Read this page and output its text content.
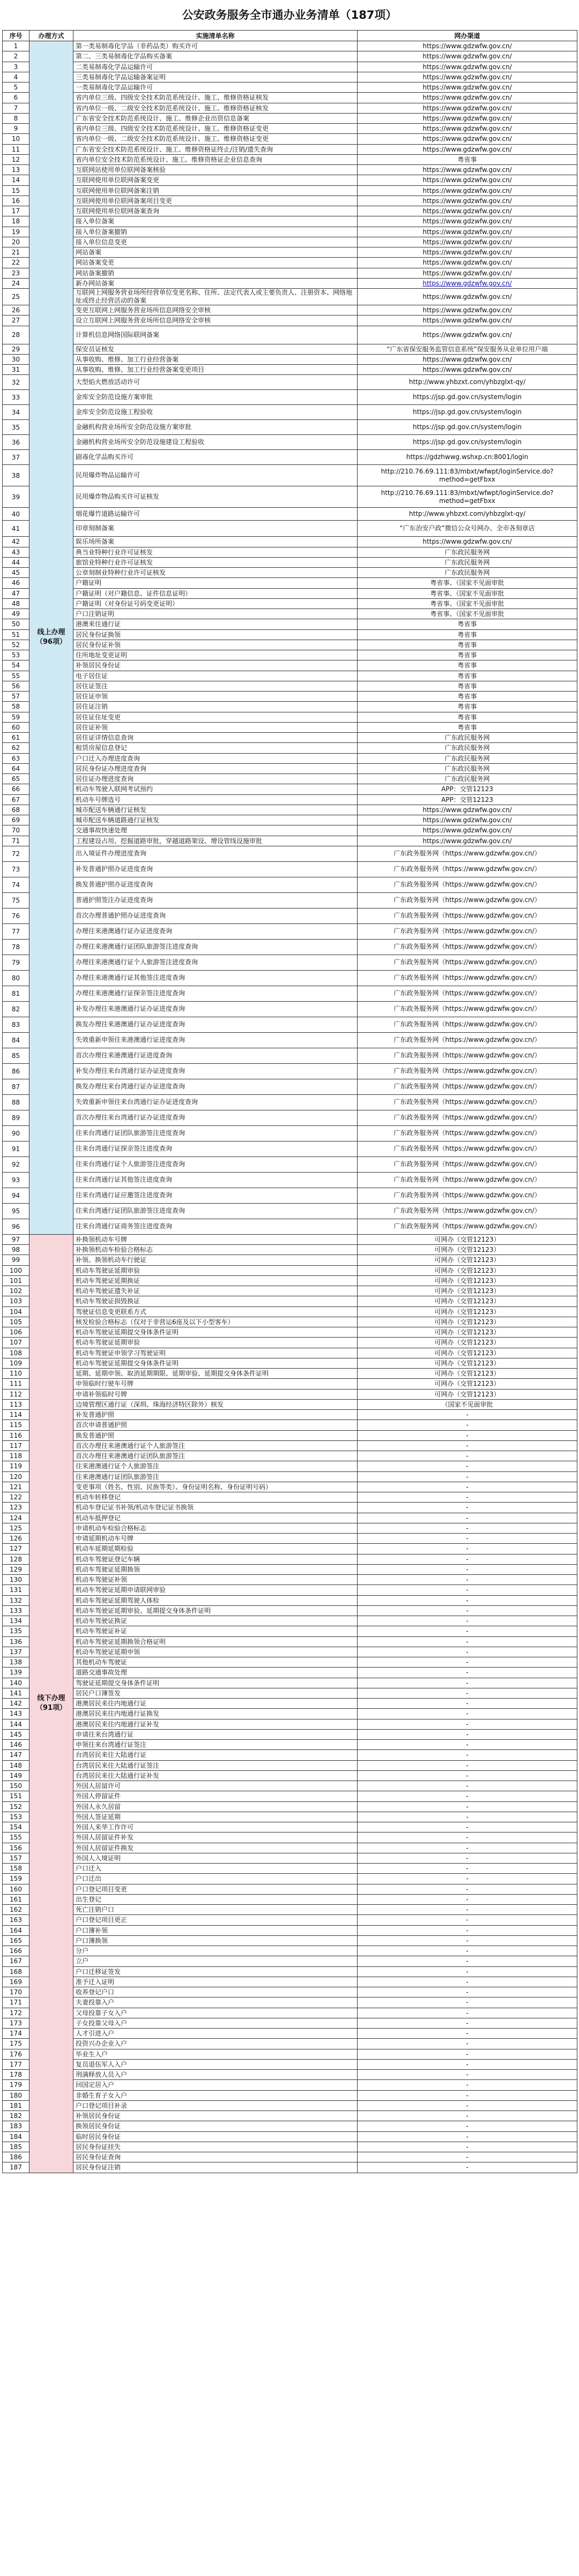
公安政务服务全市通办业务清单（187项）
序号	办理方式	实施清单名称	网办渠道
1	线上办理（96项）	第一类易制毒化学品（非药品类）购买许可	https://www.gdzwfw.gov.cn/
2		第二、三类易制毒化学品购买备案	https://www.gdzwfw.gov.cn/
3		二类易制毒化学品运输许可	https://www.gdzwfw.gov.cn/
4		三类易制毒化学品运输备案证明	https://www.gdzwfw.gov.cn/
5		一类易制毒化学品运输许可	https://www.gdzwfw.gov.cn/
6		省内单位三级、四级安全技术防范系统设计、施工、维修资格证核发	https://www.gdzwfw.gov.cn/
7		省内单位一级、二级安全技术防范系统设计、施工、维修资格证核发	https://www.gdzwfw.gov.cn/
8		广东省安全技术防范系统设计、施工、维修企业出资信息备案	https://www.gdzwfw.gov.cn/
9		省内单位三级、四级安全技术防范系统设计、施工、维修资格证变更	https://www.gdzwfw.gov.cn/
10		省内单位一级、二级安全技术防范系统设计、施工、维修资格证变更	https://www.gdzwfw.gov.cn/
11		广东省安全技术防范系统设计、施工、维修资格证终止/注销/遗失查询	https://www.gdzwfw.gov.cn/
12		省内单位安全技术防范系统设计、施工、维修资格证企业信息查询	粤省事
13		互联网站使用单位联网备案核验	https://www.gdzwfw.gov.cn/
14		互联网使用单位联网备案变更	https://www.gdzwfw.gov.cn/
15		互联网使用单位联网备案注销	https://www.gdzwfw.gov.cn/
16		互联网使用单位联网备案项目变更	https://www.gdzwfw.gov.cn/
17		互联网使用单位联网备案查询	https://www.gdzwfw.gov.cn/
18		接入单位备案	https://www.gdzwfw.gov.cn/
19		接入单位备案撤销	https://www.gdzwfw.gov.cn/
20		接入单位信息变更	https://www.gdzwfw.gov.cn/
21		网站备案	https://www.gdzwfw.gov.cn/
22		网站备案变更	https://www.gdzwfw.gov.cn/
23		网站备案撤销	https://www.gdzwfw.gov.cn/
24		新办网站备案	https://www.gdzwfw.gov.cn/
25		互联网上网服务营业场所经营单位变更名称、住所、法定代表人或主要负责人、注册资本、网络地址或终止经营活动的备案	https://www.gdzwfw.gov.cn/
26		变更互联网上网服务营业场所信息网络安全审核	https://www.gdzwfw.gov.cn/
27		设立互联网上网服务营业场所信息网络安全审核	https://www.gdzwfw.gov.cn/
28		计算机信息网络国际联网备案	https://www.gdzwfw.gov.cn/
29		保安员证核发	“广东省保安服务监管信息系统”保安服务从业单位用户端
30		从事收购、维修、加工行业经营备案	https://www.gdzwfw.gov.cn/
31		从事收购、维修、加工行业经营备案变更项目	https://www.gdzwfw.gov.cn/
32		大型焰火燃放活动许可	http://www.yhbzxt.com/yhbzglxt-qy/
33		金库安全防范设施方案审批	https://jsp.gd.gov.cn/system/login
34		金库安全防范设施工程验收	https://jsp.gd.gov.cn/system/login
35		金融机构营业场所安全防范设施方案审批	https://jsp.gd.gov.cn/system/login
36		金融机构营业场所安全防范设施建设工程验收	https://jsp.gd.gov.cn/system/login
37		剧毒化学品购买许可	https://gdzhwwg.wshxp.cn:8001/login
38		民用爆炸物品运输许可	http://210.76.69.111:83/mbxt/wfwpt/loginService.do?method=getFbxx
39		民用爆炸物品购买许可证核发	http://210.76.69.111:83/mbxt/wfwpt/loginService.do?method=getFbxx
40		烟花爆竹道路运输许可	http://www.yhbzxt.com/yhbzglxt-qy/
41		印章刻制备案	“广东治安户政”微信公众号网办、全市各刻章店
42		娱乐场所备案	https://www.gdzwfw.gov.cn/
43		典当业特种行业许可证核发	广东政民服务网
44		旅馆业特种行业许可证核发	广东政民服务网
45		公章刻制业特种行业许可证核发	广东政民服务网
46		户籍证明	粤省事、（国家不见面审批
47		户籍证明（对户籍信息、证件信息证明）	粤省事、（国家不见面审批
48		户籍证明（对身份证号码变更证明）	粤省事、（国家不见面审批
49		户口注销证明	粤省事、（国家不见面审批
50		港澳来往通行证	粤省事
51		居民身份证换领	粤省事
52		居民身份证补领	粤省事
53		住所地址变更证明	粤省事
54		补领居民身份证	粤省事
55		电子居住证	粤省事
56		居住证签注	粤省事
57		居住证申领	粤省事
58		居住证注销	粤省事
59		居住证住址变更	粤省事
60		居住证补领	粤省事
61		居住证详情信息查询	广东政民服务网
62		租赁房屋信息登记	广东政民服务网
63		户口迁入办理进度查询	广东政民服务网
64		居民身份证办理进度查询	广东政民服务网
65		居住证办理进度查询	广东政民服务网
66		机动车驾驶人联网考试预约	APP：交管12123
67		机动车号牌选号	APP：交管12123
68		城市配送车辆通行证核发	https://www.gdzwfw.gov.cn/
69		城市配送车辆道路通行证核发	https://www.gdzwfw.gov.cn/
70		交通事故快速处理	https://www.gdzwfw.gov.cn/
71		工程建设占用、挖掘道路审批，穿越道路架设、增设管线设施审批	https://www.gdzwfw.gov.cn/
72		出入境证件办理进度查询	广东政务服务网（https://www.gdzwfw.gov.cn/）
73		补发普通护照办证进度查询	广东政务服务网（https://www.gdzwfw.gov.cn/）
74		换发普通护照办证进度查询	广东政务服务网（https://www.gdzwfw.gov.cn/）
75		普通护照签注办证进度查询	广东政务服务网（https://www.gdzwfw.gov.cn/）
76		首次办理普通护照办证进度查询	广东政务服务网（https://www.gdzwfw.gov.cn/）
77		办理往来港澳通行证办证进度查询	广东政务服务网（https://www.gdzwfw.gov.cn/）
78		办理往来港澳通行证团队旅游签注进度查询	广东政务服务网（https://www.gdzwfw.gov.cn/）
79		办理往来港澳通行证个人旅游签注进度查询	广东政务服务网（https://www.gdzwfw.gov.cn/）
80		办理往来港澳通行证其他签注进度查询	广东政务服务网（https://www.gdzwfw.gov.cn/）
81		办理往来港澳通行证探亲签注进度查询	广东政务服务网（https://www.gdzwfw.gov.cn/）
82		补发办理往来港澳通行证办证进度查询	广东政务服务网（https://www.gdzwfw.gov.cn/）
83		换发办理往来港澳通行证办证进度查询	广东政务服务网（https://www.gdzwfw.gov.cn/）
84		失效重新申领往来港澳通行证进度查询	广东政务服务网（https://www.gdzwfw.gov.cn/）
85		首次办理往来港澳通行证进度查询	广东政务服务网（https://www.gdzwfw.gov.cn/）
86		补发办理往来台湾通行证办证进度查询	广东政务服务网（https://www.gdzwfw.gov.cn/）
87		换发办理往来台湾通行证办证进度查询	广东政务服务网（https://www.gdzwfw.gov.cn/）
88		失效重新申领往来台湾通行证办证进度查询	广东政务服务网（https://www.gdzwfw.gov.cn/）
89		首次办理往来台湾通行证办证进度查询	广东政务服务网（https://www.gdzwfw.gov.cn/）
90		往来台湾通行证团队旅游签注进度查询	广东政务服务网（https://www.gdzwfw.gov.cn/）
91		往来台湾通行证探亲签注进度查询	广东政务服务网（https://www.gdzwfw.gov.cn/）
92		往来台湾通行证个人旅游签注进度查询	广东政务服务网（https://www.gdzwfw.gov.cn/）
93		往来台湾通行证其他签注进度查询	广东政务服务网（https://www.gdzwfw.gov.cn/）
94		往来台湾通行证应邀签注进度查询	广东政务服务网（https://www.gdzwfw.gov.cn/）
95		往来台湾通行证团队旅游签注进度查询	广东政务服务网（https://www.gdzwfw.gov.cn/）
96		往来台湾通行证商务签注进度查询	广东政务服务网（https://www.gdzwfw.gov.cn/）
97	线下办理（91项）	补换领机动车号牌	可网办（交管12123）
98		补换领机动车检验合格标志	可网办（交管12123）
99		补领、换领机动车行驶证	可网办（交管12123）
100		机动车驾驶证延期审验	可网办（交管12123）
101		机动车驾驶证延期换证	可网办（交管12123）
102		机动车驾驶证遗失补证	可网办（交管12123）
103		机动车驾驶证损毁换证	可网办（交管12123）
104		驾驶证信息变更联系方式	可网办（交管12123）
105		核发检验合格标志（仅对于非营运6座及以下小型客车）	可网办（交管12123）
106		机动车驾驶证延期提交身体条件证明	可网办（交管12123）
107		机动车驾驶证延期审验	可网办（交管12123）
108		机动车驾驶证申领学习驾驶证明	可网办（交管12123）
109		机动车驾驶证延期提交身体条件证明	可网办（交管12123）
110		延期、延期申领、取消延期期限、延期审验、延期提交身体条件证明	可网办（交管12123）
111		申领临时行驶车号牌	可网办（交管12123）
112		申请补领临时号牌	可网办（交管12123）
113		边境管理区通行证（深圳、珠海经济特区除外）核发	（国家不见面审批
114		补发普通护照	-
115		首次申请普通护照	-
116		换发普通护照	-
117		首次办理往来港澳通行证个人旅游签注	-
118		首次办理往来港澳通行证团队旅游签注	-
119		往来港澳通行证个人旅游签注	-
120		往来港澳通行证团队旅游签注	-
121		变更事项（姓名、性别、民族等类）、身份证明名称、身份证明号码）	-
122		机动车转移登记	-
123		机动车登记证书补领/机动车登记证书换领	-
124		机动车抵押登记	-
125		申请机动车检验合格标志	-
126		申请延期机动车号牌	-
127		机动车延期延期检验	-
128		机动车驾驶证登记车辆	-
129		机动车驾驶证延期换领	-
130		机动车驾驶证补领	-
131		机动车驾驶证延期申请联网审验	-
132		机动车驾驶证延期驾驶人体检	-
133		机动车驾驶证延期审验、延期提交身体条件证明	-
134		机动车驾驶证换证	-
135		机动车驾驶证补证	-
136		机动车驾驶证延期换领合格证明	-
137		机动车驾驶证延期申领	-
138		其他机动车驾驶证	-
139		道路交通事故处理	-
140		驾驶证延期提交身体条件证明	-
141		居民户口簿签发	-
142		港澳居民来往内地通行证	-
143		港澳居民来往内地通行证换发	-
144		港澳居民来往内地通行证补发	-
145		申请往来台湾通行证	-
146		申领往来台湾通行证签注	-
147		台湾居民来往大陆通行证	-
148		台湾居民来往大陆通行证签注	-
149		台湾居民来往大陆通行证补发	-
150		外国人居留许可	-
151		外国人停留证件	-
152		外国人永久居留	-
153		外国人签证延期	-
154		外国人来华工作许可	-
155		外国人居留证件补发	-
156		外国人居留证件换发	-
157		外国人入境证明	-
158		户口迁入	-
159		户口迁出	-
160		户口登记项目变更	-
161		出生登记	-
162		死亡注销户口	-
163		户口登记项目更正	-
164		户口簿补领	-
165		户口簿换领	-
166		分户	-
167		立户	-
168		户口迁移证签发	-
169		准予迁入证明	-
170		收养登记户口	-
171		夫妻投靠入户	-
172		父母投靠子女入户	-
173		子女投靠父母入户	-
174		人才引进入户	-
175		投资兴办企业入户	-
176		毕业生入户	-
177		复员退伍军人入户	-
178		刑满释放人员入户	-
179		回国定居入户	-
180		非婚生育子女入户	-
181		户口登记项目补录	-
182		补领居民身份证	-
183		换领居民身份证	-
184		临时居民身份证	-
185		居民身份证挂失	-
186		居民身份证查询	-
187		居民身份证注销	-
